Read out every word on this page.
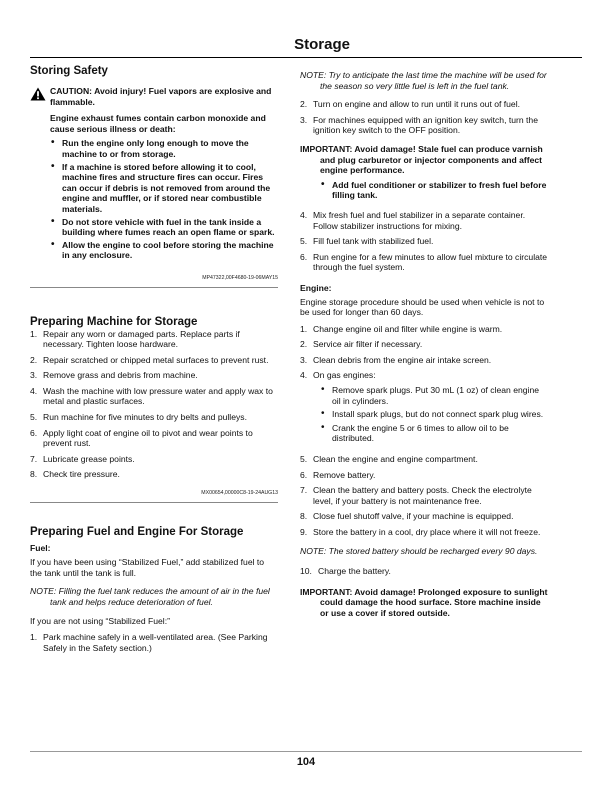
Storage
Storing Safety

CAUTION: Avoid injury! Fuel vapors are explosive and flammable.

Engine exhaust fumes contain carbon monoxide and cause serious illness or death:

• Run the engine only long enough to move the machine to or from storage.
• If a machine is stored before allowing it to cool, machine fires and structure fires can occur. Fires can occur if debris is not removed from around the engine and muffler, or if stored near combustible materials.
• Do not store vehicle with fuel in the tank inside a building where fumes reach an open flame or spark.
• Allow the engine to cool before storing the machine in any enclosure.
MP47322,00F4680-19-06MAY15
Preparing Machine for Storage
1. Repair any worn or damaged parts. Replace parts if necessary. Tighten loose hardware.
2. Repair scratched or chipped metal surfaces to prevent rust.
3. Remove grass and debris from machine.
4. Wash the machine with low pressure water and apply wax to metal and plastic surfaces.
5. Run machine for five minutes to dry belts and pulleys.
6. Apply light coat of engine oil to pivot and wear points to prevent rust.
7. Lubricate grease points.
8. Check tire pressure.
MX00654,00000C8-19-24AUG13
Preparing Fuel and Engine For Storage

Fuel:

If you have been using “Stabilized Fuel,” add stabilized fuel to the tank until the tank is full.

NOTE: Filling the fuel tank reduces the amount of air in the fuel tank and helps reduce deterioration of fuel.

If you are not using “Stabilized Fuel:”

1. Park machine safely in a well-ventilated area. (See Parking Safely in the Safety section.)

NOTE: Try to anticipate the last time the machine will be used for the season so very little fuel is left in the fuel tank.

2. Turn on engine and allow to run until it runs out of fuel.
3. For machines equipped with an ignition key switch, turn the ignition key switch to the OFF position.

IMPORTANT: Avoid damage! Stale fuel can produce varnish and plug carburetor or injector components and affect engine performance.

• Add fuel conditioner or stabilizer to fresh fuel before filling tank.
4. Mix fresh fuel and fuel stabilizer in a separate container. Follow stabilizer instructions for mixing.
5. Fill fuel tank with stabilized fuel.
6. Run engine for a few minutes to allow fuel mixture to circulate through the fuel system.

Engine:

Engine storage procedure should be used when vehicle is not to be used for longer than 60 days.

1. Change engine oil and filter while engine is warm.
2. Service air filter if necessary.
3. Clean debris from the engine air intake screen.
4. On gas engines:
• Remove spark plugs. Put 30 mL (1 oz) of clean engine oil in cylinders.
• Install spark plugs, but do not connect spark plug wires.
• Crank the engine 5 or 6 times to allow oil to be distributed.
5. Clean the engine and engine compartment.
6. Remove battery.
7. Clean the battery and battery posts. Check the electrolyte level, if your battery is not maintenance free.
8. Close fuel shutoff valve, if your machine is equipped.
9. Store the battery in a cool, dry place where it will not freeze.

NOTE: The stored battery should be recharged every 90 days.

10. Charge the battery.

IMPORTANT: Avoid damage! Prolonged exposure to sunlight could damage the hood surface. Store machine inside or use a cover if stored outside.

104
